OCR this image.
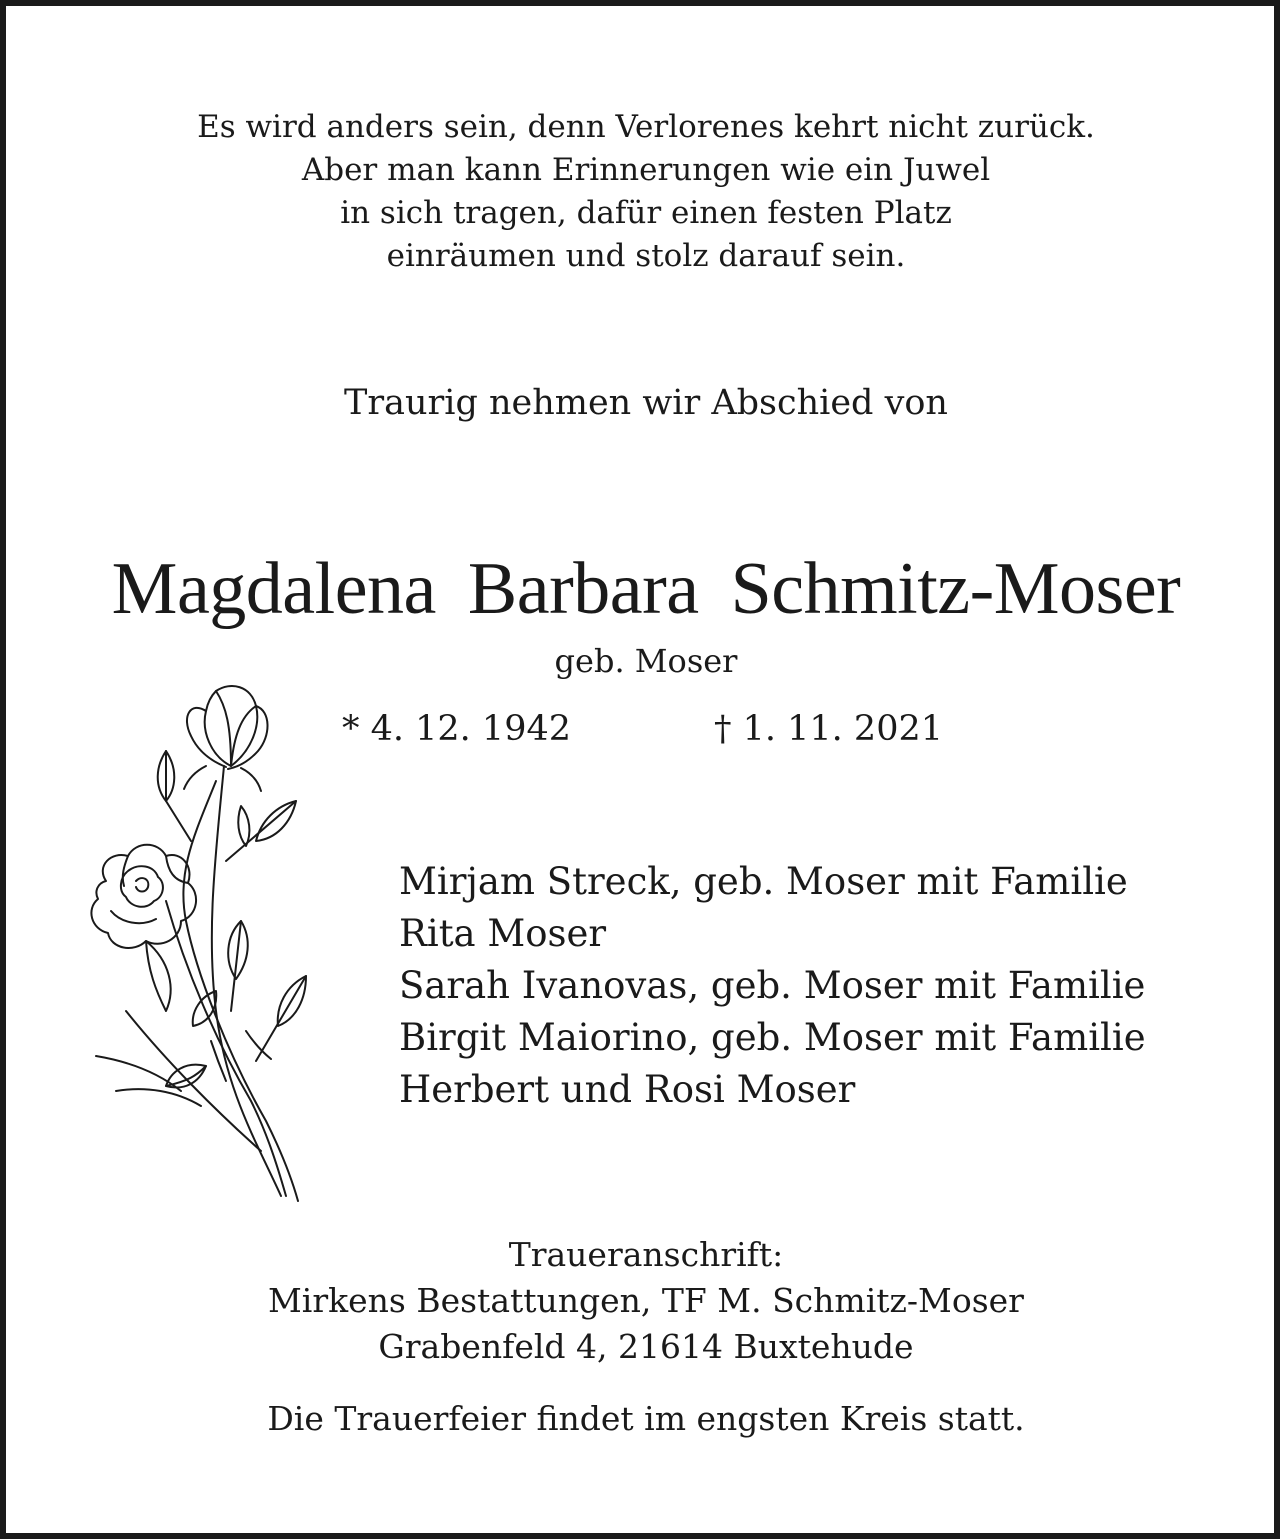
Es wird anders sein, denn Verlorenes kehrt nicht zurück.
Aber man kann Erinnerungen wie ein Juwel
in sich tragen, dafür einen festen Platz
einräumen und stolz darauf sein.
Traurig nehmen wir Abschied von
Magdalena Barbara Schmitz-Moser
geb. Moser
* 4. 12. 1942	† 1. 11. 2021
Mirjam Streck, geb. Moser mit Familie
Rita Moser
Sarah Ivanovas, geb. Moser mit Familie
Birgit Maiorino, geb. Moser mit Familie
Herbert und Rosi Moser
Traueranschrift:
Mirkens Bestattungen, TF M. Schmitz-Moser
Grabenfeld 4, 21614 Buxtehude
Die Trauerfeier findet im engsten Kreis statt.
